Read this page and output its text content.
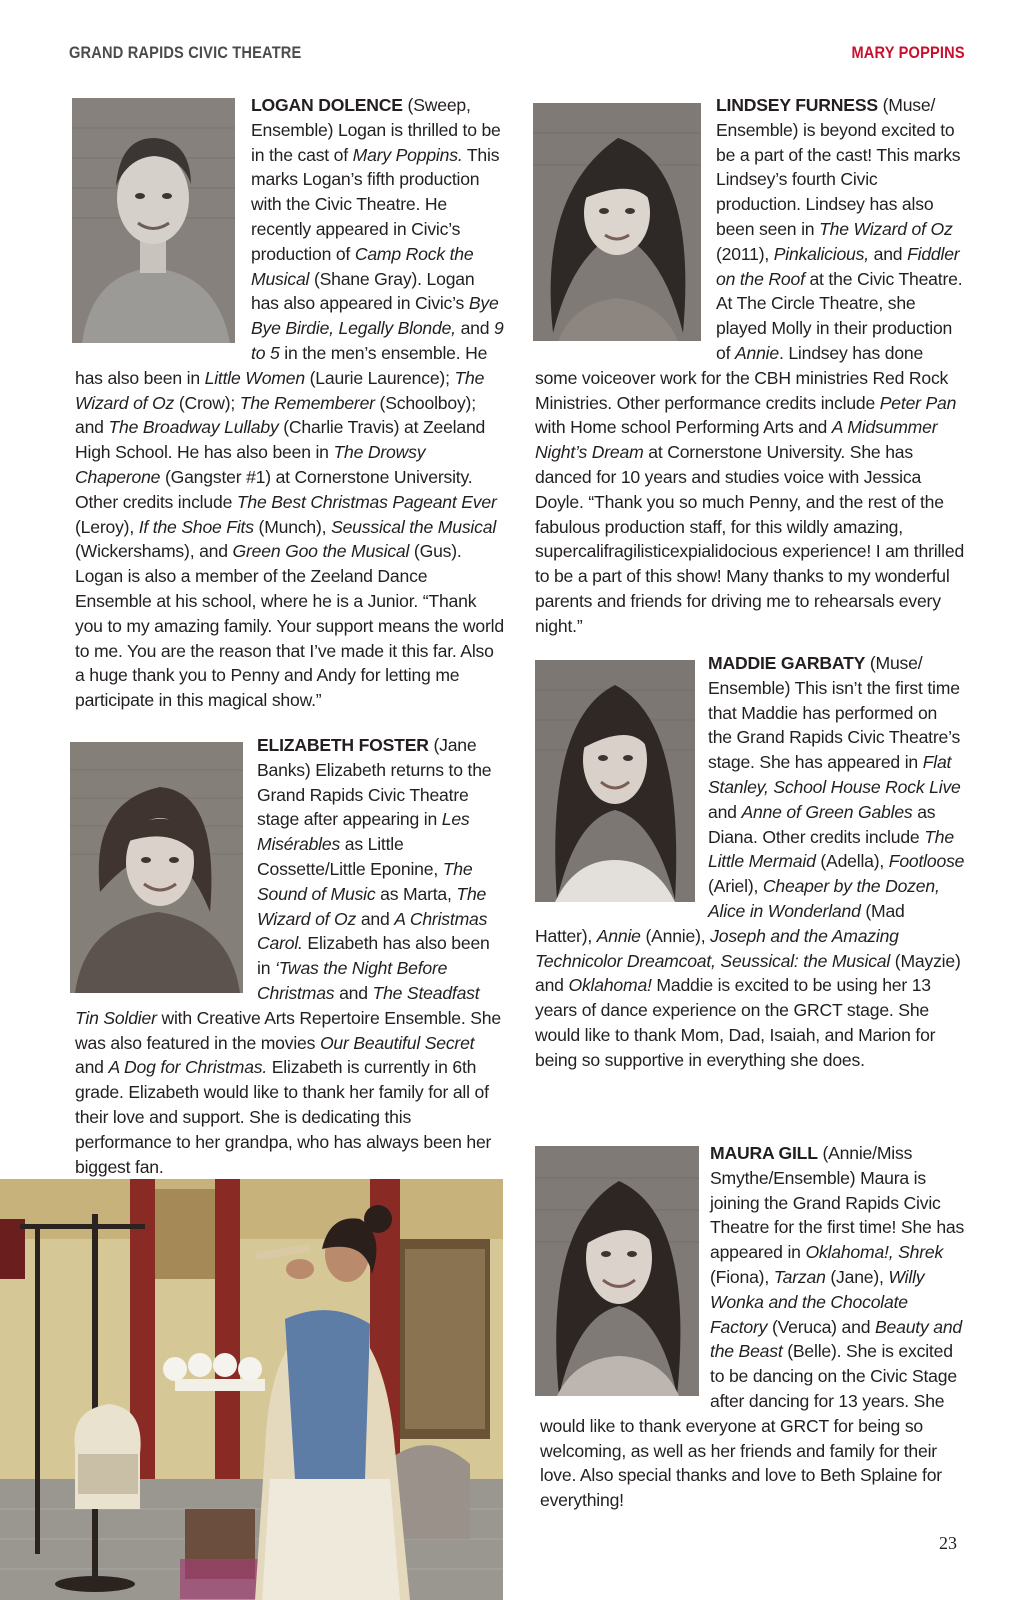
GRAND RAPIDS CIVIC THEATRE	MARY POPPINS

LOGAN DOLENCE (Sweep, Ensemble) Logan is thrilled to be in the cast of Mary Poppins. This marks Logan’s fifth production with the Civic Theatre. He recently appeared in Civic’s production of Camp Rock the Musical (Shane Gray). Logan has also appeared in Civic’s Bye Bye Birdie, Legally Blonde, and 9 to 5 in the men’s ensemble. He has also been in Little Women (Laurie Laurence); The Wizard of Oz (Crow); The Rememberer (Schoolboy); and The Broadway Lullaby (Charlie Travis) at Zeeland High School. He has also been in The Drowsy Chaperone (Gangster #1) at Cornerstone University. Other credits include The Best Christmas Pageant Ever (Leroy), If the Shoe Fits (Munch), Seussical the Musical (Wickershams), and Green Goo the Musical (Gus). Logan is also a member of the Zeeland Dance Ensemble at his school, where he is a Junior. “Thank you to my amazing family. Your support means the world to me. You are the reason that I’ve made it this far. Also a huge thank you to Penny and Andy for letting me participate in this magical show.”

ELIZABETH FOSTER (Jane Banks) Elizabeth returns to the Grand Rapids Civic Theatre stage after appearing in Les Misérables as Little Cossette/Little Eponine, The Sound of Music as Marta, The Wizard of Oz and A Christmas Carol. Elizabeth has also been in ‘Twas the Night Before Christmas and The Steadfast Tin Soldier with Creative Arts Repertoire Ensemble. She was also featured in the movies Our Beautiful Secret and A Dog for Christmas. Elizabeth is currently in 6th grade. Elizabeth would like to thank her family for all of their love and support. She is dedicating this performance to her grandpa, who has always been her biggest fan.

LINDSEY FURNESS (Muse/ Ensemble) is beyond excited to be a part of the cast! This marks Lindsey’s fourth Civic production. Lindsey has also been seen in The Wizard of Oz (2011), Pinkalicious, and Fiddler on the Roof at the Civic Theatre. At The Circle Theatre, she played Molly in their production of Annie. Lindsey has done some voiceover work for the CBH ministries Red Rock Ministries. Other performance credits include Peter Pan with Home school Performing Arts and A Midsummer Night’s Dream at Cornerstone University. She has danced for 10 years and studies voice with Jessica Doyle. “Thank you so much Penny, and the rest of the fabulous production staff, for this wildly amazing, supercalifragilisticexpialidocious experience! I am thrilled to be a part of this show! Many thanks to my wonderful parents and friends for driving me to rehearsals every night.”

MADDIE GARBATY (Muse/ Ensemble) This isn’t the first time that Maddie has performed on the Grand Rapids Civic Theatre’s stage. She has appeared in Flat Stanley, School House Rock Live and Anne of Green Gables as Diana. Other credits include The Little Mermaid (Adella), Footloose (Ariel), Cheaper by the Dozen, Alice in Wonderland (Mad Hatter), Annie (Annie), Joseph and the Amazing Technicolor Dreamcoat, Seussical: the Musical (Mayzie) and Oklahoma! Maddie is excited to be using her 13 years of dance experience on the GRCT stage. She would like to thank Mom, Dad, Isaiah, and Marion for being so supportive in everything she does.

MAURA GILL (Annie/Miss Smythe/Ensemble) Maura is joining the Grand Rapids Civic Theatre for the first time! She has appeared in Oklahoma!, Shrek (Fiona), Tarzan (Jane), Willy Wonka and the Chocolate Factory (Veruca) and Beauty and the Beast (Belle). She is excited to be dancing on the Civic Stage after dancing for 13 years. She would like to thank everyone at GRCT for being so welcoming, as well as her friends and family for their love. Also special thanks and love to Beth Splaine for everything!

23
